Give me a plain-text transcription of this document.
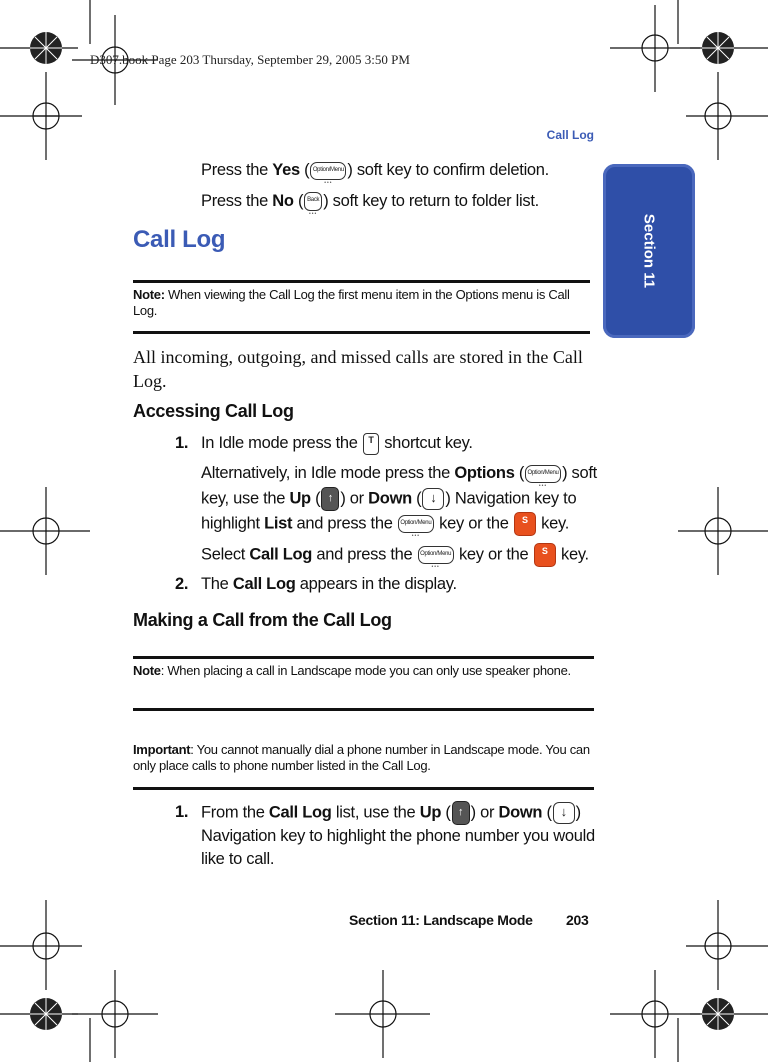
D307.book Page 203 Thursday, September 29, 2005 3:50 PM
Call Log
Section 11
Press the Yes ( Option/Menu ••• ) soft key to confirm deletion.
Press the No ( Back ••• ) soft key to return to folder list.
Call Log
Note: When viewing the Call Log the first menu item in the Options menu is Call Log.
All incoming, outgoing, and missed calls are stored in the Call Log.
Accessing Call Log
1. In Idle mode press the T shortcut key.
Alternatively, in Idle mode press the Options ( Option/Menu ••• ) soft
key, use the Up ( ↑ ) or Down ( ↓ ) Navigation key to
highlight List and press the Option/Menu ••• key or the S key.
Select Call Log and press the Option/Menu ••• key or the S key.
2. The Call Log appears in the display.
Making a Call from the Call Log
Note: When placing a call in Landscape mode you can only use speaker phone.
Important: You cannot manually dial a phone number in Landscape mode. You can only place calls to phone number listed in the Call Log.
1. From the Call Log list, use the Up ( ↑ ) or Down ( ↓ )
Navigation key to highlight the phone number you would
like to call.
Section 11: Landscape Mode 203
